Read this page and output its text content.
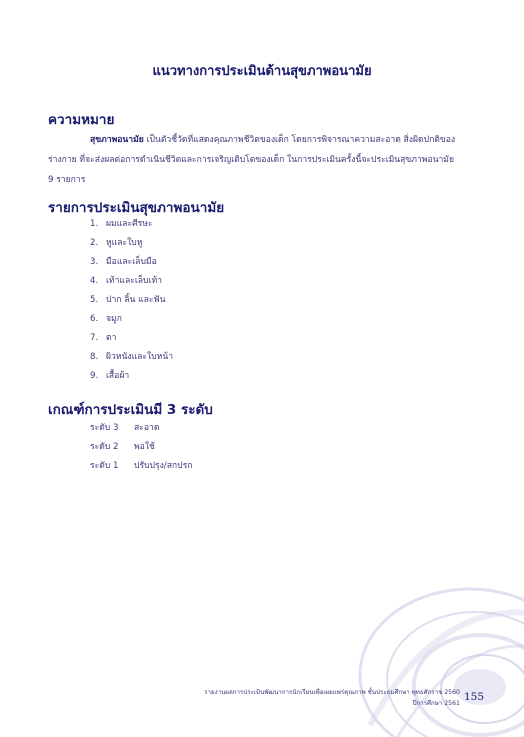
แนวทางการประเมินด้านสุขภาพอนามัย
ความหมาย
สุขภาพอนามัย เป็นตัวชี้วัดที่แสดงคุณภาพชีวิตของเด็ก โดยการพิจารณาความสะอาด สิ่งผิดปกติของ
ร่างกาย ที่จะส่งผลต่อการดำเนินชีวิตและการเจริญเติบโตของเด็ก ในการประเมินครั้งนี้จะประเมินสุขภาพอนามัย
9 รายการ
รายการประเมินสุขภาพอนามัย
1. ผมและศีรษะ
2. หูและใบหู
3. มือและเล็บมือ
4. เท้าและเล็บเท้า
5. ปาก ลิ้น และฟัน
6. จมูก
7. ตา
8. ผิวหนังและใบหน้า
9. เสื้อผ้า
เกณฑ์การประเมินมี 3 ระดับ
ระดับ 3 สะอาด
ระดับ 2 พอใช้
ระดับ 1 ปรับปรุง/สกปรก
รายงานผลการประเมินพัฒนาการนักเรียนเพื่อเผยแพร่คุณภาพ ชั้นประถมศึกษา พุทธศักราช 2560
ปีการศึกษา 2561
155
